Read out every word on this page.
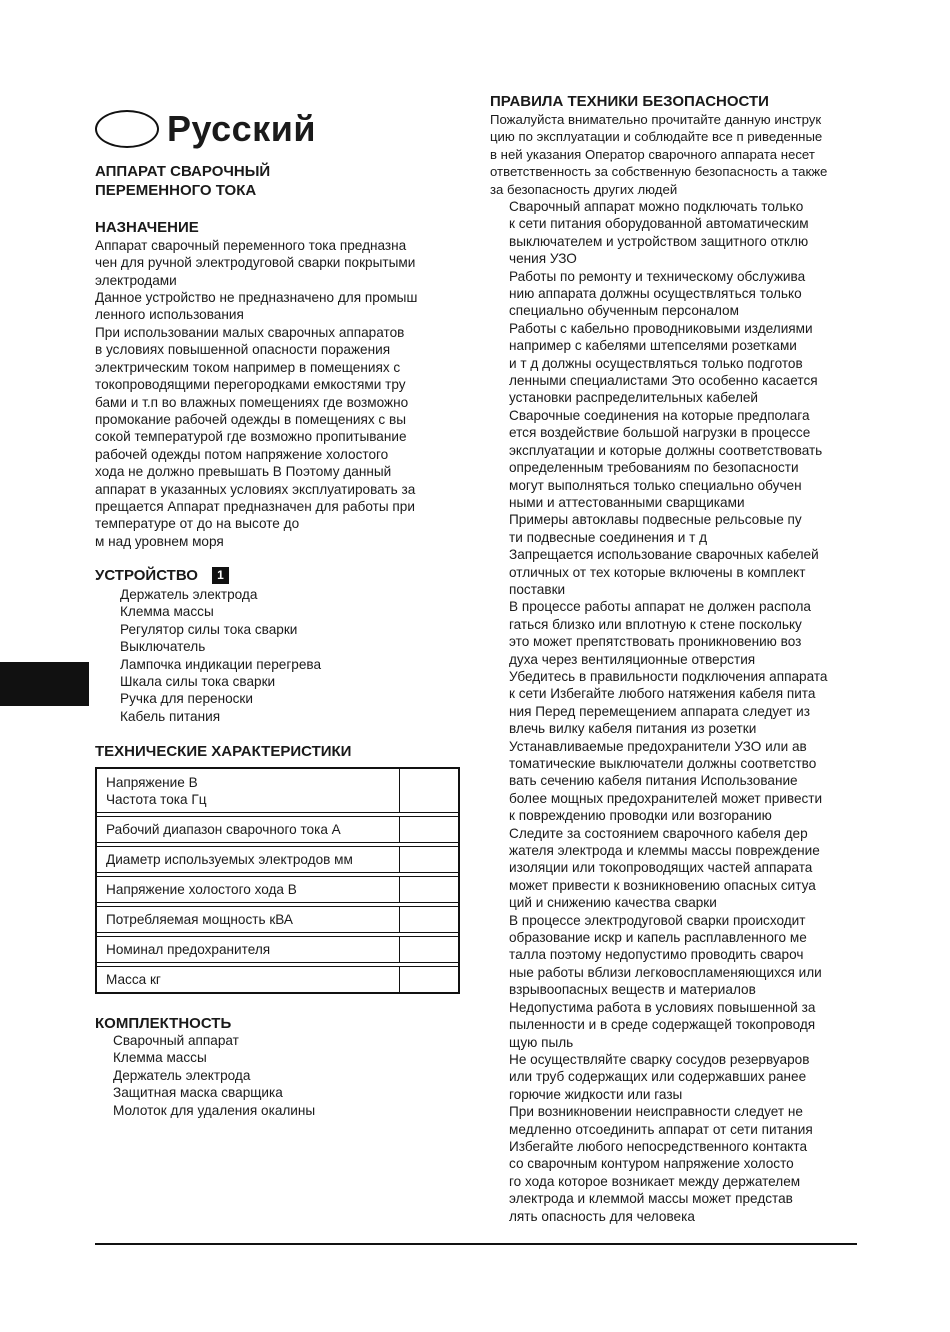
Русский
АППАРАТ СВАРОЧНЫЙ
ПЕРЕМЕННОГО ТОКА
НАЗНАЧЕНИЕ
Аппарат сварочный переменного тока предназна
чен для ручной электродуговой сварки покрытыми
электродами
Данное устройство не предназначено для промыш
ленного использования
При использовании малых сварочных аппаратов
в условиях повышенной опасности поражения
электрическим током например в помещениях с
токопроводящими перегородками емкостями тру
бами и т.п во влажных помещениях где возможно
промокание рабочей одежды в помещениях с вы
сокой температурой где возможно пропитывание
рабочей одежды потом напряжение холостого
хода не должно превышать В Поэтому данный
аппарат в указанных условиях эксплуатировать за
прещается Аппарат предназначен для работы при
температуре от до на высоте до
м над уровнем моря
УСТРОЙСТВО 1
Держатель электрода
Клемма массы
Регулятор силы тока сварки
Выключатель
Лампочка индикации перегрева
Шкала силы тока сварки
Ручка для переноски
Кабель питания
ТЕХНИЧЕСКИЕ ХАРАКТЕРИСТИКИ
Напряжение В
Частота тока Гц	

Рабочий диапазон сварочного тока А	

Диаметр используемых электродов мм	

Напряжение холостого хода В	

Потребляемая мощность кВА	

Номинал предохранителя	

Масса кг	
КОМПЛЕКТНОСТЬ
Сварочный аппарат
Клемма массы
Держатель электрода
Защитная маска сварщика
Молоток для удаления окалины
ПРАВИЛА ТЕХНИКИ БЕЗОПАСНОСТИ
Пожалуйста внимательно прочитайте данную инструк
цию по эксплуатации и соблюдайте все п риведенные
в ней указания Оператор сварочного аппарата несет
ответственность за собственную безопасность а также
за безопасность других людей
Сварочный аппарат можно подключать только
к сети питания оборудованной автоматическим
выключателем и устройством защитного отклю
чения УЗО
Работы по ремонту и техническому обслужива
нию аппарата должны осуществляться только
специально обученным персоналом
Работы с кабельно проводниковыми изделиями
например с кабелями штепселями розетками
и т д должны осуществляться только подготов
ленными специалистами Это особенно касается
установки распределительных кабелей
Сварочные соединения на которые предполага
ется воздействие большой нагрузки в процессе
эксплуатации и которые должны соответствовать
определенным требованиям по безопасности
могут выполняться только специально обучен
ными и аттестованными сварщиками
Примеры автоклавы подвесные рельсовые пу
ти подвесные соединения и т д
Запрещается использование сварочных кабелей
отличных от тех которые включены в комплект
поставки
В процессе работы аппарат не должен распола
гаться близко или вплотную к стене поскольку
это может препятствовать проникновению воз
духа через вентиляционные отверстия
Убедитесь в правильности подключения аппарата
к сети Избегайте любого натяжения кабеля пита
ния Перед перемещением аппарата следует из
влечь вилку кабеля питания из розетки
Устанавливаемые предохранители УЗО или ав
томатические выключатели должны соответство
вать сечению кабеля питания Использование
более мощных предохранителей может привести
к повреждению проводки или возгоранию
Следите за состоянием сварочного кабеля дер
жателя электрода и клеммы массы повреждение
изоляции или токопроводящих частей аппарата
может привести к возникновению опасных ситуа
ций и снижению качества сварки
В процессе электродуговой сварки происходит
образование искр и капель расплавленного ме
талла поэтому недопустимо проводить свароч
ные работы вблизи легковоспламеняющихся или
взрывоопасных веществ и материалов
Недопустима работа в условиях повышенной за
пыленности и в среде содержащей токопроводя
щую пыль
Не осуществляйте сварку сосудов резервуаров
или труб содержащих или содержавших ранее
горючие жидкости или газы
При возникновении неисправности следует не
медленно отсоединить аппарат от сети питания
Избегайте любого непосредственного контакта
со сварочным контуром напряжение холосто
го хода которое возникает между держателем
электрода и клеммой массы может представ
лять опасность для человека
